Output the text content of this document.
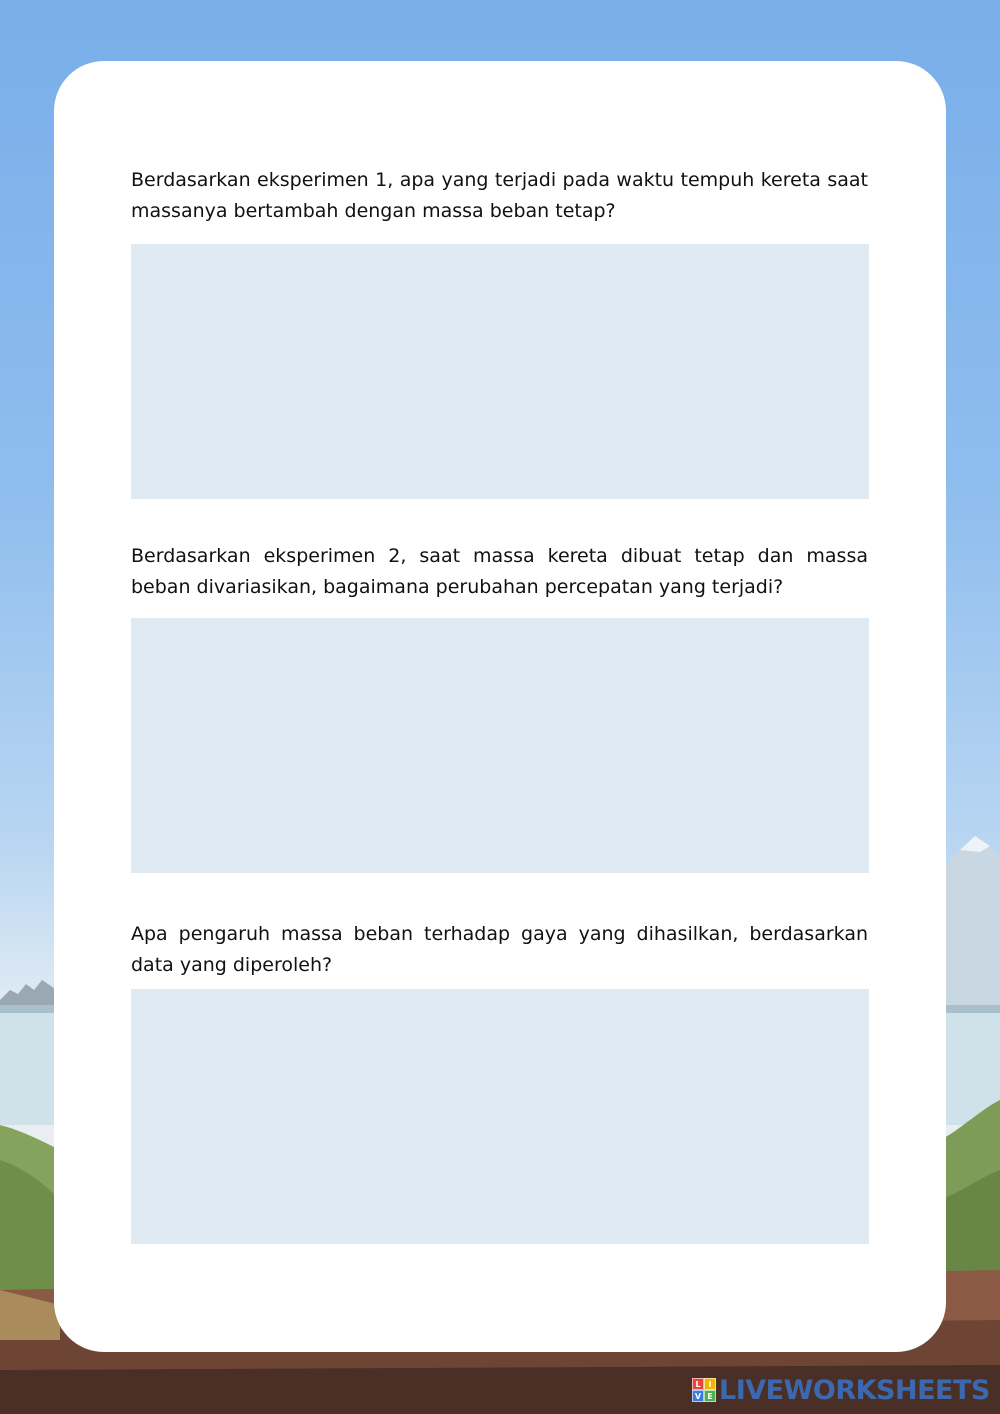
Berdasarkan eksperimen 1, apa yang terjadi pada waktu tempuh kereta saat massanya bertambah dengan massa beban tetap?

Berdasarkan eksperimen 2, saat massa kereta dibuat tetap dan massa beban divariasikan, bagaimana perubahan percepatan yang terjadi?

Apa pengaruh massa beban terhadap gaya yang dihasilkan, berdasarkan data yang diperoleh?

L I
V E LIVEWORKSHEETS
